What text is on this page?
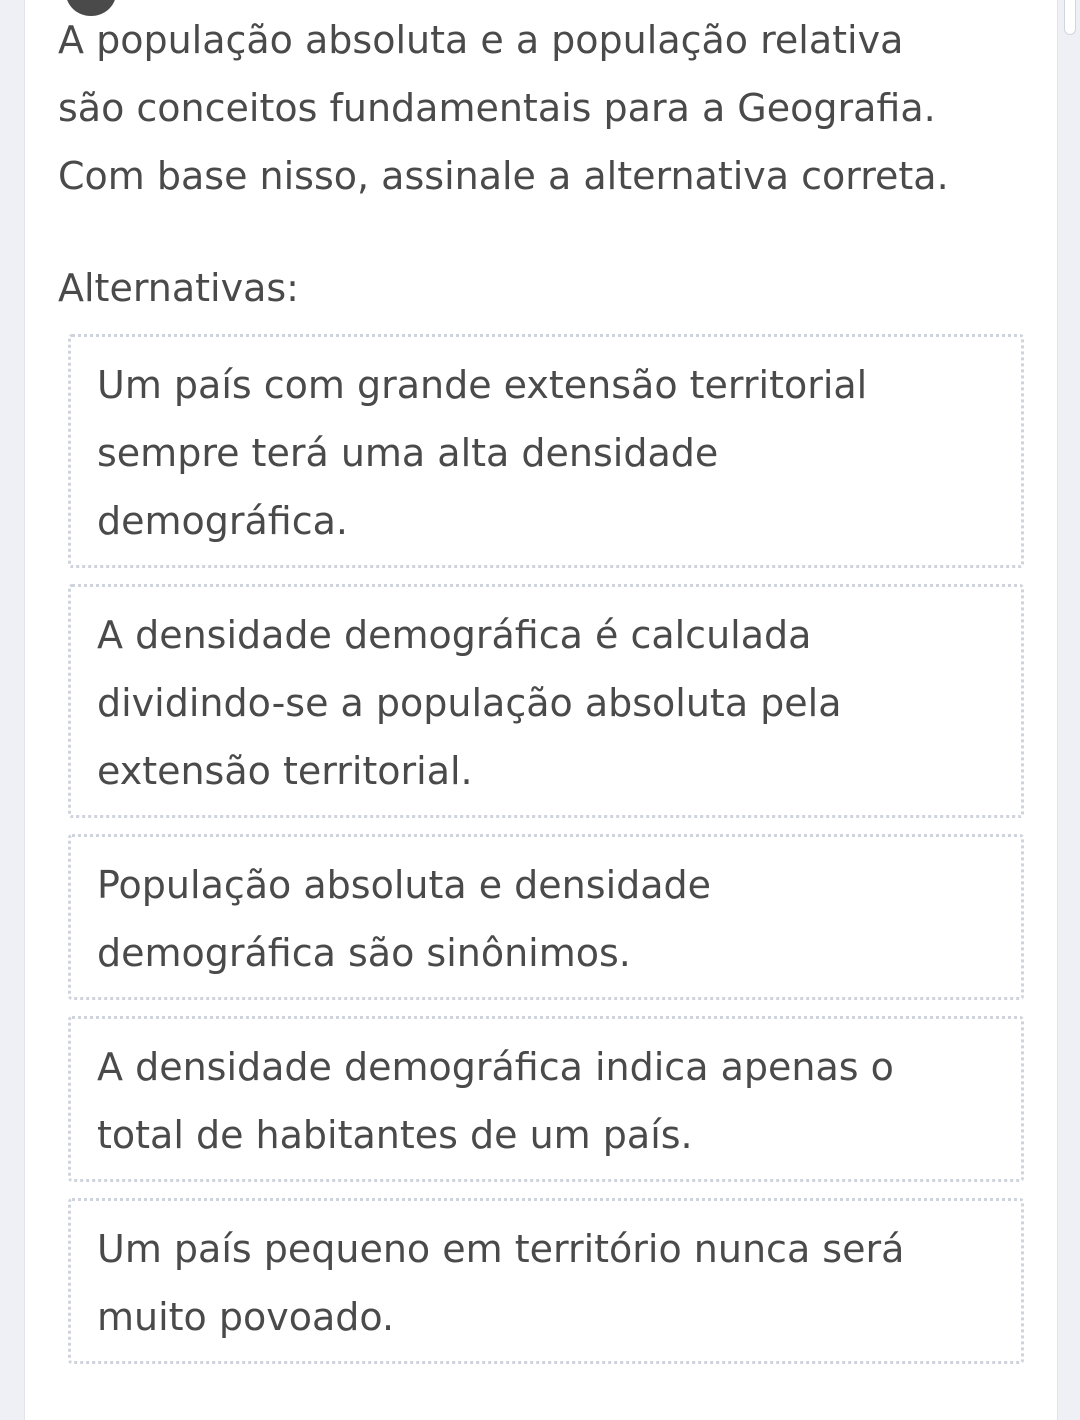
A população absoluta e a população relativa
são conceitos fundamentais para a Geografia.
Com base nisso, assinale a alternativa correta.

Alternativas:
Um país com grande extensão territorial
sempre terá uma alta densidade
demográfica.
A densidade demográfica é calculada
dividindo-se a população absoluta pela
extensão territorial.
População absoluta e densidade
demográfica são sinônimos.
A densidade demográfica indica apenas o
total de habitantes de um país.
Um país pequeno em território nunca será
muito povoado.
